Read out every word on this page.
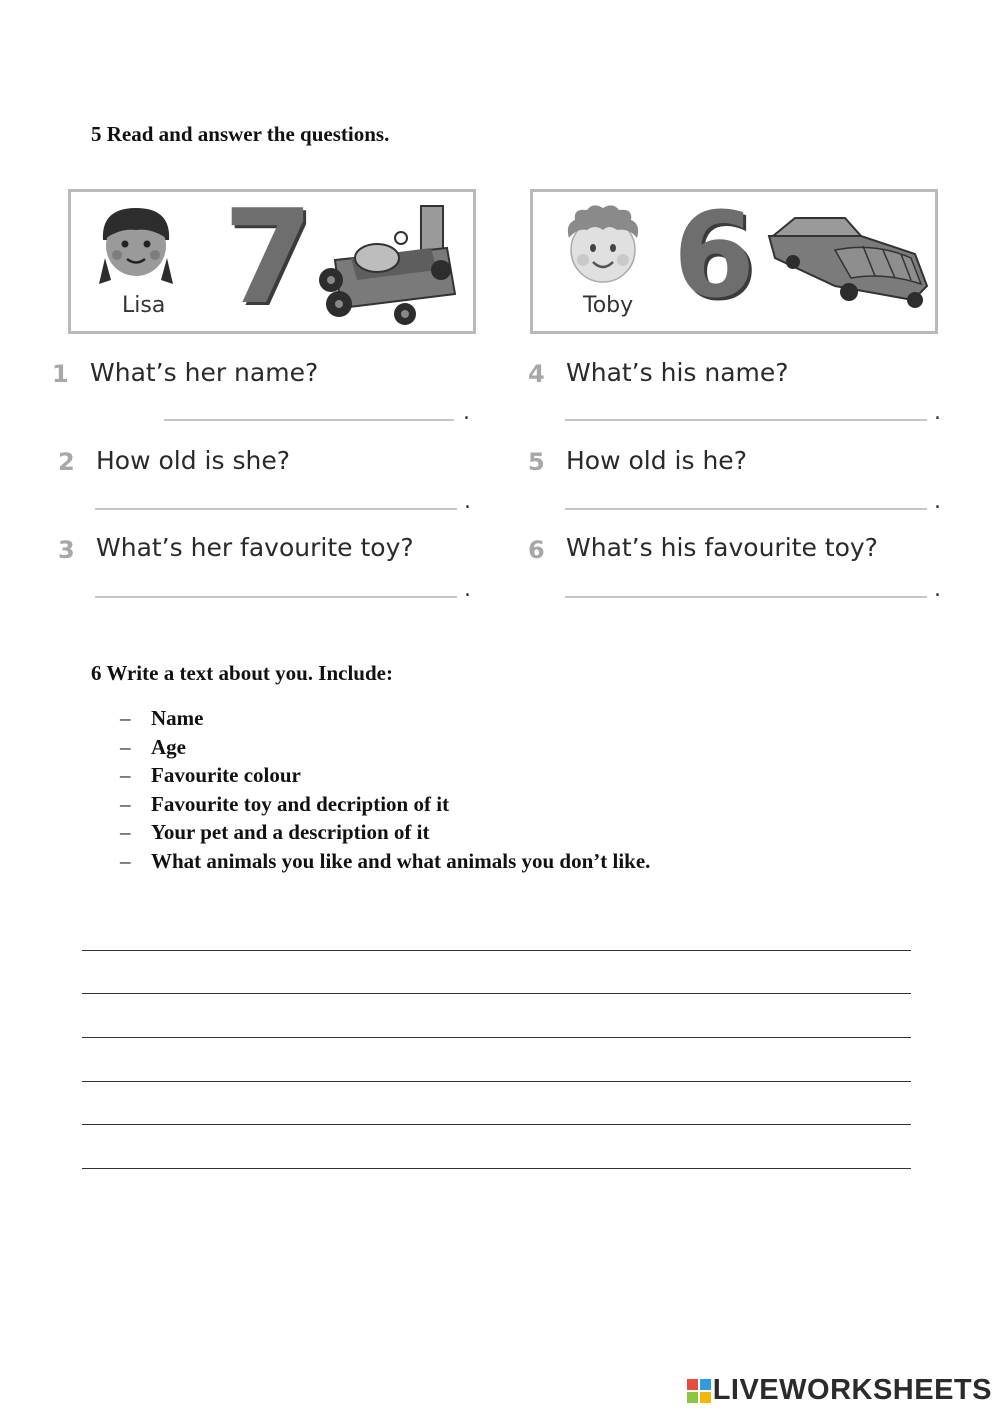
5 Read and answer the questions.
Lisa 7	Toby 6
1 What’s her name?
.
2 How old is she?
.
3 What’s her favourite toy?
.
4 What’s his name?
.
5 How old is he?
.
6 What’s his favourite toy?
.
6 Write a text about you. Include:
– Name
– Age
– Favourite colour
– Favourite toy and decription of it
– Your pet and a description of it
– What animals you like and what animals you don’t like.
LIVEWORKSHEETS
